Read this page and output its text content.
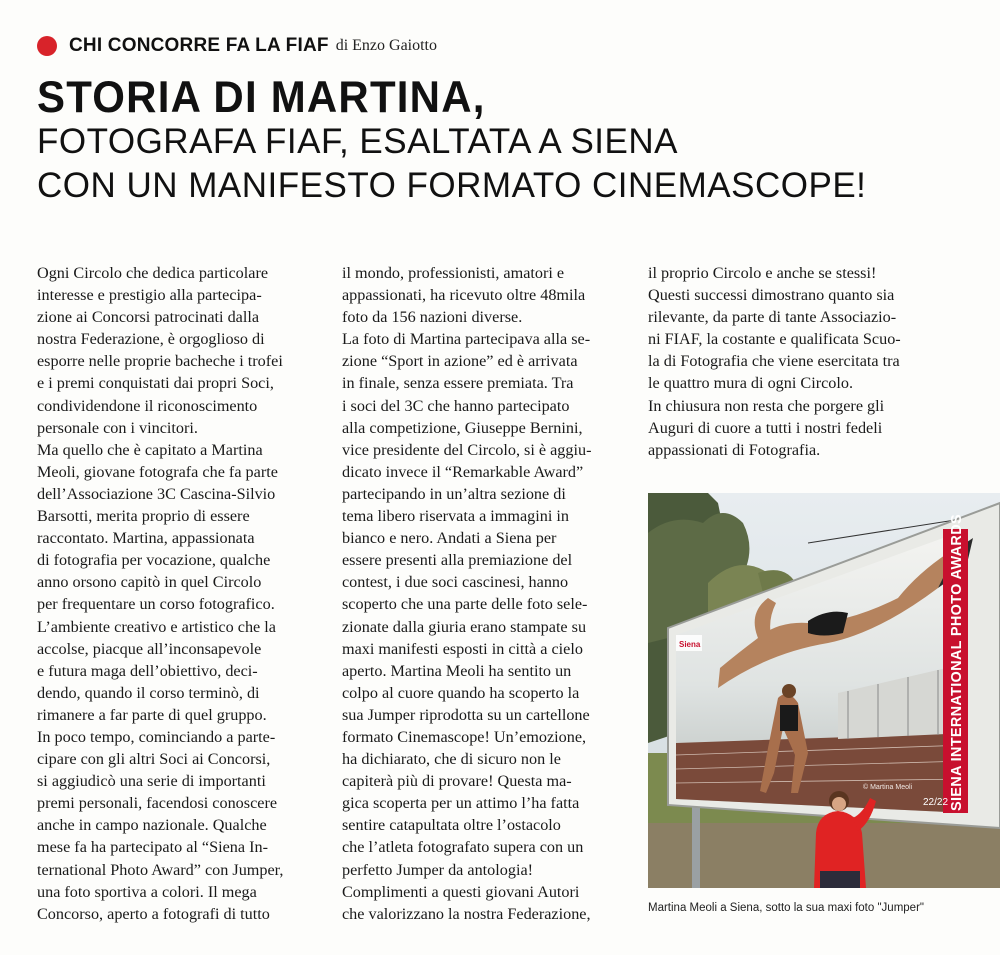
CHI CONCORRE FA LA FIAF di Enzo Gaiotto
STORIA DI MARTINA,
FOTOGRAFA FIAF, ESALTATA A SIENA
CON UN MANIFESTO FORMATO CINEMASCOPE!

Ogni Circolo che dedica particolare

interesse e prestigio alla partecipa-

zione ai Concorsi patrocinati dalla

nostra Federazione, è orgoglioso di

esporre nelle proprie bacheche i trofei

e i premi conquistati dai propri Soci,

condividendone il riconoscimento

personale con i vincitori.

Ma quello che è capitato a Martina

Meoli, giovane fotografa che fa parte

dell’Associazione 3C Cascina-Silvio

Barsotti, merita proprio di essere

raccontato. Martina, appassionata

di fotografia per vocazione, qualche

anno orsono capitò in quel Circolo

per frequentare un corso fotografico.

L’ambiente creativo e artistico che la

accolse, piacque all’inconsapevole

e futura maga dell’obiettivo, deci-

dendo, quando il corso terminò, di

rimanere a far parte di quel gruppo.

In poco tempo, cominciando a parte-

cipare con gli altri Soci ai Concorsi,

si aggiudicò una serie di importanti

premi personali, facendosi conoscere

anche in campo nazionale. Qualche

mese fa ha partecipato al “Siena In-

ternational Photo Award” con Jumper,

una foto sportiva a colori. Il mega

Concorso, aperto a fotografi di tutto

il mondo, professionisti, amatori e

appassionati, ha ricevuto oltre 48mila

foto da 156 nazioni diverse.

La foto di Martina partecipava alla se-

zione “Sport in azione” ed è arrivata

in finale, senza essere premiata. Tra

i soci del 3C che hanno partecipato

alla competizione, Giuseppe Bernini,

vice presidente del Circolo, si è aggiu-

dicato invece il “Remarkable Award”

partecipando in un’altra sezione di

tema libero riservata a immagini in

bianco e nero. Andati a Siena per

essere presenti alla premiazione del

contest, i due soci cascinesi, hanno

scoperto che una parte delle foto sele-

zionate dalla giuria erano stampate su

maxi manifesti esposti in città a cielo

aperto. Martina Meoli ha sentito un

colpo al cuore quando ha scoperto la

sua Jumper riprodotta su un cartellone

formato Cinemascope! Un’emozione,

ha dichiarato, che di sicuro non le

capiterà più di provare! Questa ma-

gica scoperta per un attimo l’ha fatta

sentire catapultata oltre l’ostacolo

che l’atleta fotografato supera con un

perfetto Jumper da antologia!

Complimenti a questi giovani Autori

che valorizzano la nostra Federazione,

il proprio Circolo e anche se stessi!

Questi successi dimostrano quanto sia

rilevante, da parte di tante Associazio-

ni FIAF, la costante e qualificata Scuo-

la di Fotografia che viene esercitata tra

le quattro mura di ogni Circolo.

In chiusura non resta che porgere gli

Auguri di cuore a tutti i nostri fedeli

appassionati di Fotografia.

SIENA INTERNATIONAL PHOTO AWARDS
22/22
© Martina Meoli
Siena
Martina Meoli a Siena, sotto la sua maxi foto "Jumper"
